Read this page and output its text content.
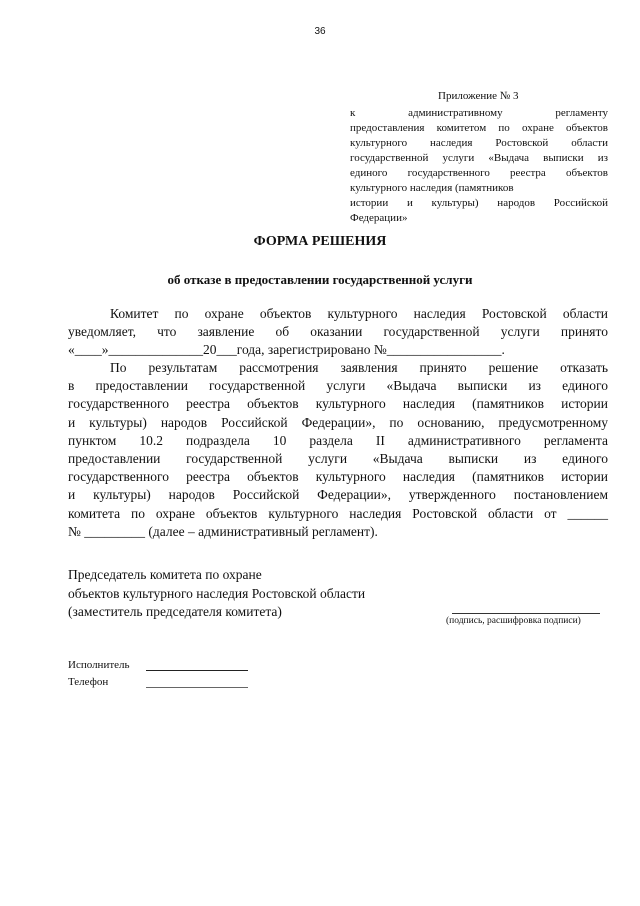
36
Приложение № 3
к административному регламенту
предоставления комитетом по охране объектов
культурного наследия Ростовской области
государственной услуги «Выдача выписки из
единого государственного реестра объектов
культурного наследия (памятников
истории и культуры) народов Российской
Федерации»
ФОРМА РЕШЕНИЯ
об отказе в предоставлении государственной услуги
Комитет по охране объектов культурного наследия Ростовской области
уведомляет, что заявление об оказании государственной услуги принято
«____»______________20___года, зарегистрировано №_________________.
По результатам рассмотрения заявления принято решение отказать
в предоставлении государственной услуги «Выдача выписки из единого
государственного реестра объектов культурного наследия (памятников истории
и культуры) народов Российской Федерации», по основанию, предусмотренному
пунктом 10.2 подраздела 10 раздела II административного регламента
предоставлении государственной услуги «Выдача выписки из единого
государственного реестра объектов культурного наследия (памятников истории
и культуры) народов Российской Федерации», утвержденного постановлением
комитета по охране объектов культурного наследия Ростовской области от ______
№ _________ (далее – административный регламент).
Председатель комитета по охране
объектов культурного наследия Ростовской области
(заместитель председателя комитета)
(подпись, расшифровка подписи)
Исполнитель
Телефон
